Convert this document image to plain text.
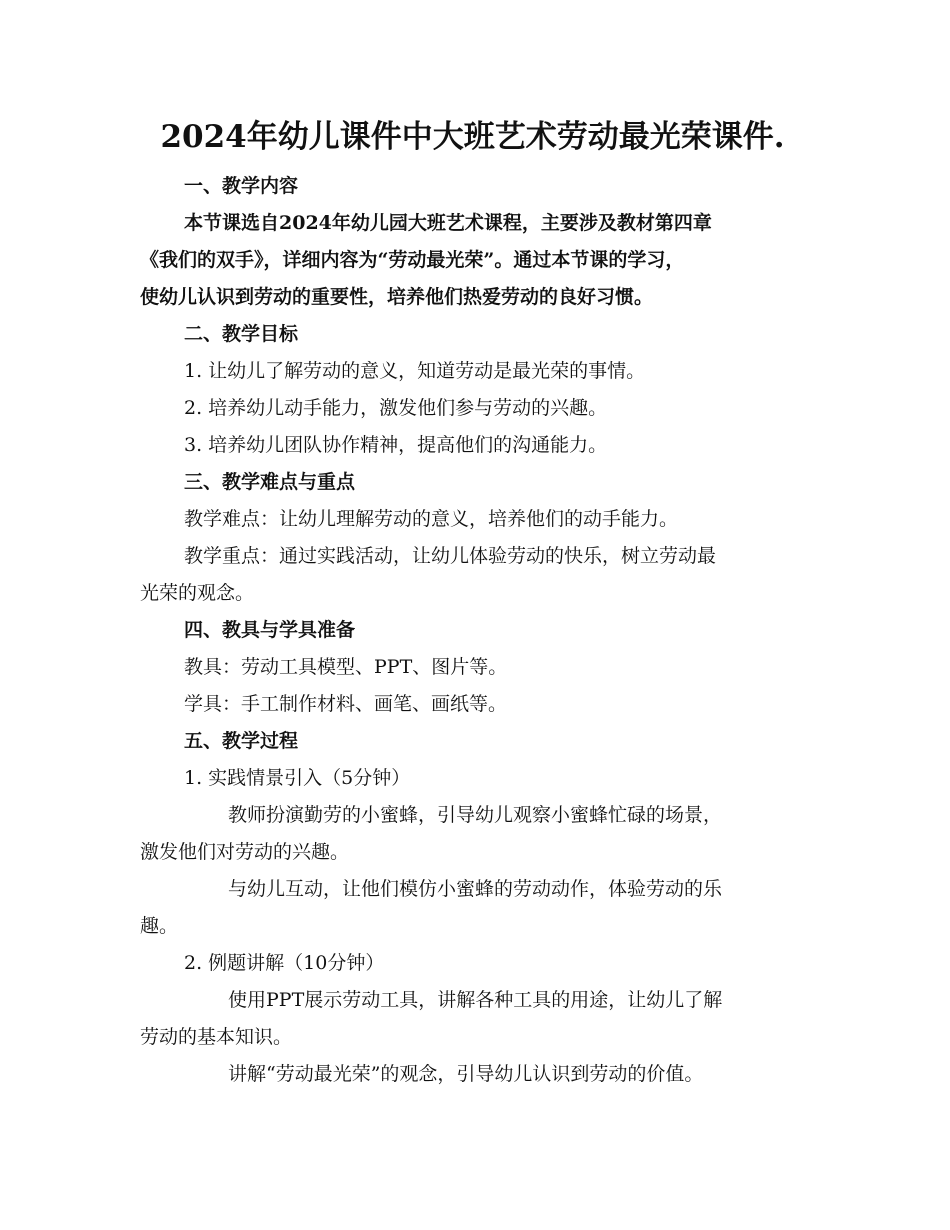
2024年幼儿课件中大班艺术劳动最光荣课件.
一、教学内容
本节课选自2024年幼儿园大班艺术课程，主要涉及教材第四章
《我们的双手》，详细内容为“劳动最光荣”。通过本节课的学习，
使幼儿认识到劳动的重要性，培养他们热爱劳动的良好习惯。
二、教学目标
1. 让幼儿了解劳动的意义，知道劳动是最光荣的事情。
2. 培养幼儿动手能力，激发他们参与劳动的兴趣。
3. 培养幼儿团队协作精神，提高他们的沟通能力。
三、教学难点与重点
教学难点：让幼儿理解劳动的意义，培养他们的动手能力。
教学重点：通过实践活动，让幼儿体验劳动的快乐，树立劳动最
光荣的观念。
四、教具与学具准备
教具：劳动工具模型、PPT、图片等。
学具：手工制作材料、画笔、画纸等。
五、教学过程
1. 实践情景引入（5分钟）
教师扮演勤劳的小蜜蜂，引导幼儿观察小蜜蜂忙碌的场景，
激发他们对劳动的兴趣。
与幼儿互动，让他们模仿小蜜蜂的劳动动作，体验劳动的乐
趣。
2. 例题讲解（10分钟）
使用PPT展示劳动工具，讲解各种工具的用途，让幼儿了解
劳动的基本知识。
讲解“劳动最光荣”的观念，引导幼儿认识到劳动的价值。
